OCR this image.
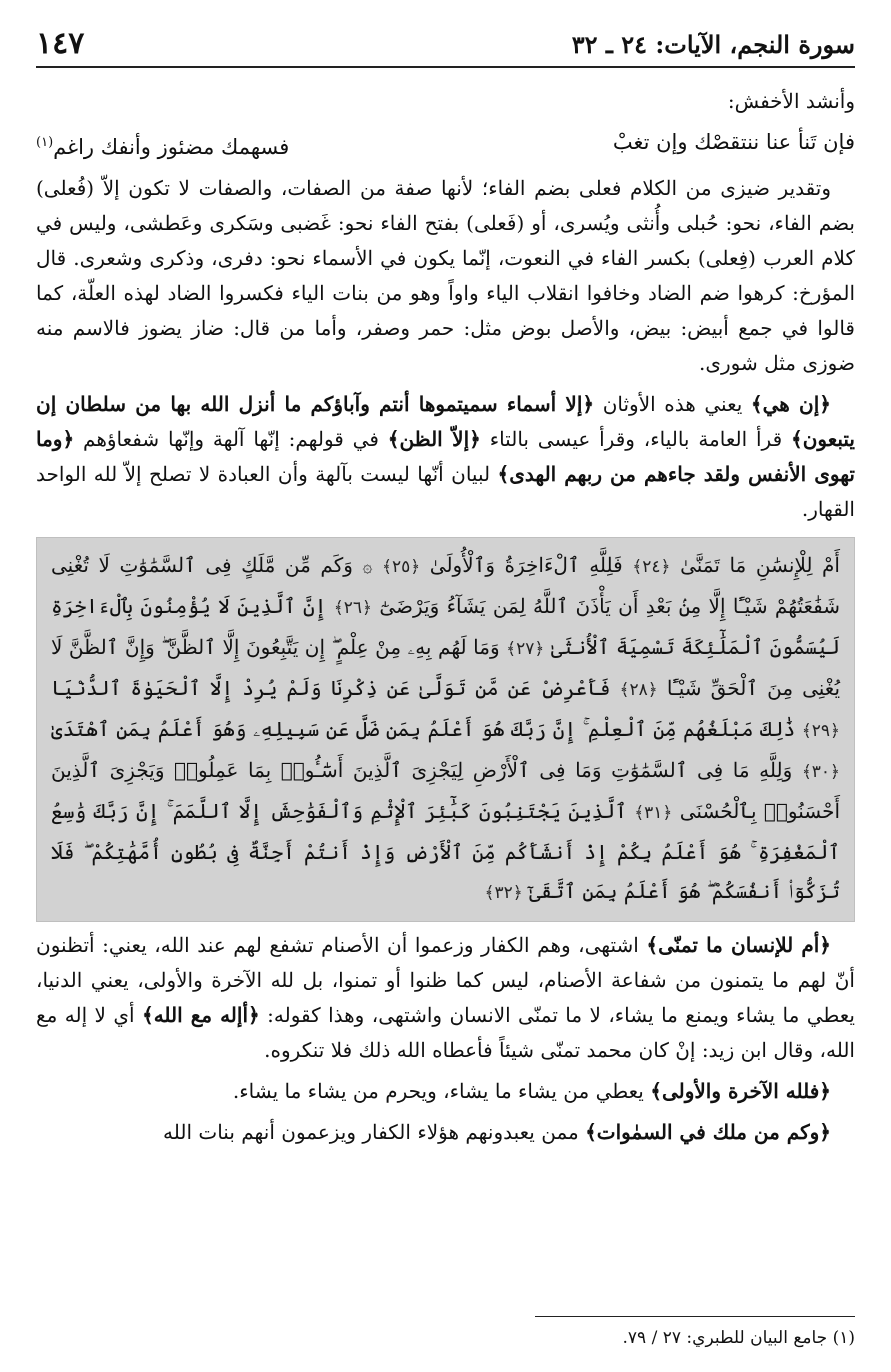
١٤٧	سورة النجم، الآيات: ٢٤ ـ ٣٢

وأنشد الأخفش:

فإن تَنأ عنا ننتقصْك وإن تغبْ
فسهمك مضئوز وأنفك راغم$^{(١)}$

وتقدير ضيزى من الكلام فعلى بضم الفاء؛ لأنها صفة من الصفات، والصفات لا تكون إلاّ (فُعلى) بضم الفاء، نحو: حُبلى وأُنثى ويُسرى، أو (فَعلى) بفتح الفاء نحو: غَضبى وسَكرى وعَطشى، وليس في كلام العرب (فِعلى) بكسر الفاء في النعوت، إنّما يكون في الأسماء نحو: دفرى، وذكرى وشعرى. قال المؤرخ: كرهوا ضم الضاد وخافوا انقلاب الياء واواً وهو من بنات الياء فكسروا الضاد لهذه العلّة، كما قالوا في جمع أبيض: بيض، والأصل بوض مثل: حمر وصفر، وأما من قال: ضاز يضوز فالاسم منه ضوزى مثل شورى.

﴿إن هي﴾ يعني هذه الأوثان ﴿إلا أسماء سميتموها أنتم وآباؤكم ما أنزل الله بها من سلطان إن يتبعون﴾ قرأ العامة بالياء، وقرأ عيسى بالتاء ﴿إلاّ الظن﴾ في قولهم: إنّها آلهة وإنّها شفعاؤهم ﴿وما تهوى الأنفس ولقد جاءهم من ربهم الهدى﴾ لبيان أنّها ليست بآلهة وأن العبادة لا تصلح إلاّ لله الواحد القهار.

أَمْ لِلْإِنسَٰنِ مَا تَمَنَّىٰ ﴿٢٤﴾ فَلِلَّهِ ٱلْءَاخِرَةُ وَٱلْأُولَىٰ ﴿٢٥﴾ ۞ وَكَم مِّن مَّلَكٍ فِى ٱلسَّمَٰوَٰتِ لَا تُغْنِى شَفَٰعَتُهُمْ شَيْـًٔا إِلَّا مِنۢ بَعْدِ أَن يَأْذَنَ ٱللَّهُ لِمَن يَشَآءُ وَيَرْضَىٰٓ ﴿٢٦﴾ إِنَّ ٱلَّذِينَ لَا يُؤْمِنُونَ بِٱلْءَاخِرَةِ لَيُسَمُّونَ ٱلْمَلَٰٓئِكَةَ تَسْمِيَةَ ٱلْأُنثَىٰ ﴿٢٧﴾ وَمَا لَهُم بِهِۦ مِنْ عِلْمٍ ۖ إِن يَتَّبِعُونَ إِلَّا ٱلظَّنَّ ۖ وَإِنَّ ٱلظَّنَّ لَا يُغْنِى مِنَ ٱلْحَقِّ شَيْـًٔا ﴿٢٨﴾ فَأَعْرِضْ عَن مَّن تَوَلَّىٰ عَن ذِكْرِنَا وَلَمْ يُرِدْ إِلَّا ٱلْحَيَوٰةَ ٱلدُّنْيَا ﴿٢٩﴾ ذَٰلِكَ مَبْلَغُهُم مِّنَ ٱلْعِلْمِ ۚ إِنَّ رَبَّكَ هُوَ أَعْلَمُ بِمَن ضَلَّ عَن سَبِيلِهِۦ وَهُوَ أَعْلَمُ بِمَنِ ٱهْتَدَىٰ ﴿٣٠﴾ وَلِلَّهِ مَا فِى ٱلسَّمَٰوَٰتِ وَمَا فِى ٱلْأَرْضِ لِيَجْزِىَ ٱلَّذِينَ أَسَٰٓـُٔوا۟ بِمَا عَمِلُوا۟ وَيَجْزِىَ ٱلَّذِينَ أَحْسَنُوا۟ بِٱلْحُسْنَى ﴿٣١﴾ ٱلَّذِينَ يَجْتَنِبُونَ كَبَٰٓئِرَ ٱلْإِثْمِ وَٱلْفَوَٰحِشَ إِلَّا ٱللَّمَمَ ۚ إِنَّ رَبَّكَ وَٰسِعُ ٱلْمَغْفِرَةِ ۚ هُوَ أَعْلَمُ بِكُمْ إِذْ أَنشَأَكُم مِّنَ ٱلْأَرْضِ وَإِذْ أَنتُمْ أَجِنَّةٌ فِى بُطُونِ أُمَّهَٰتِكُمْ ۖ فَلَا تُزَكُّوٓا۟ أَنفُسَكُمْ ۖ هُوَ أَعْلَمُ بِمَنِ ٱتَّقَىٰٓ ﴿٣٢﴾

﴿أم للإنسان ما تمنّى﴾ اشتهى، وهم الكفار وزعموا أن الأصنام تشفع لهم عند الله، يعني: أتظنون أنّ لهم ما يتمنون من شفاعة الأصنام، ليس كما ظنوا أو تمنوا، بل لله الآخرة والأولى، يعني الدنيا، يعطي ما يشاء ويمنع ما يشاء، لا ما تمنّى الانسان واشتهى، وهذا كقوله: ﴿أإله مع الله﴾ أي لا إله مع الله، وقال ابن زيد: إنْ كان محمد تمنّى شيئاً فأعطاه الله ذلك فلا تنكروه.

﴿فلله الآخرة والأولى﴾ يعطي من يشاء ما يشاء، ويحرم من يشاء ما يشاء.

﴿وكم من ملك في السمٰوات﴾ ممن يعبدونهم هؤلاء الكفار ويزعمون أنهم بنات الله

(١) جامع البيان للطبري: ٢٧ / ٧٩.
